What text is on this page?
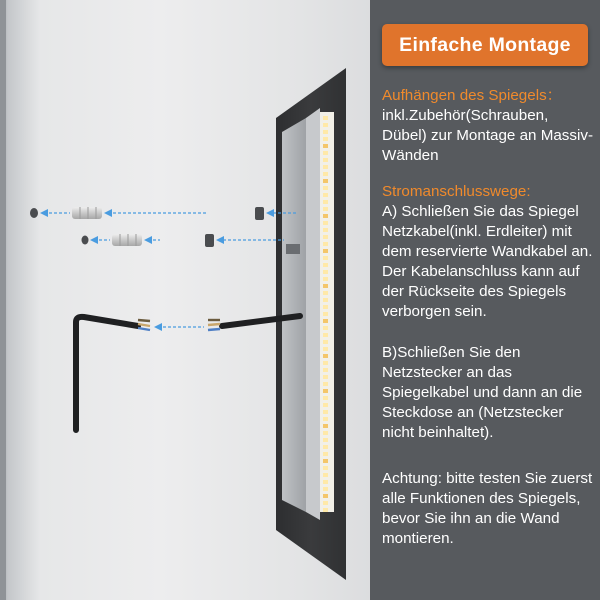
Einfache Montage

Aufhängen des Spiegels：

inkl.Zubehör(Schrauben, Dübel) zur Montage an Massiv-Wänden

Stromanschlusswege:

A) Schließen Sie das Spiegel Netzkabel(inkl. Erdleiter) mit dem reservierte Wandkabel an. Der Kabelanschluss kann auf der Rückseite des Spiegels verborgen sein.

B)Schließen Sie den Netzstecker an das Spiegelkabel und dann an die Steckdose an (Netzstecker nicht beinhaltet).

Achtung: bitte testen Sie zuerst alle Funktionen des Spiegels, bevor Sie ihn an die Wand montieren.
